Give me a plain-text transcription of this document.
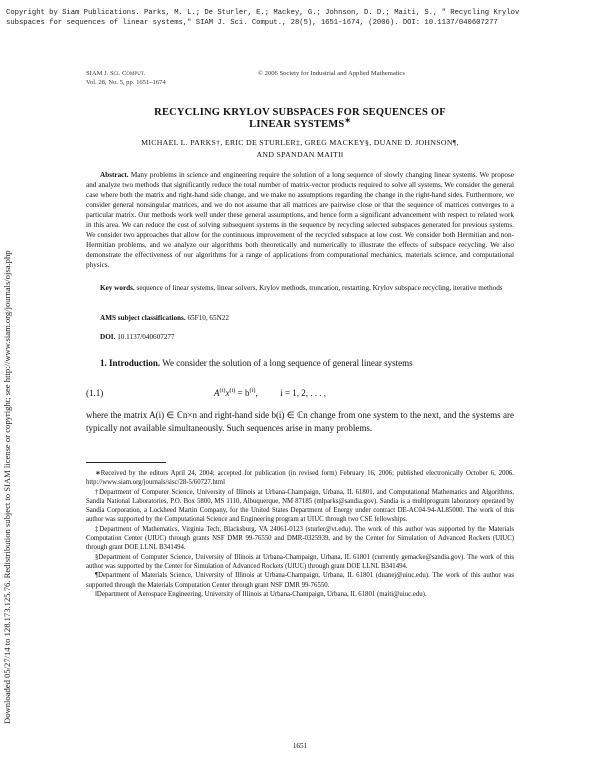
Copyright by Siam Publications. Parks, M. L.; De Sturler, E.; Mackey, G.; Johnson, D. D.; Maiti, S., " Recycling Krylov
subspaces for sequences of linear systems," SIAM J. Sci. Comput., 28(5), 1651-1674, (2006). DOI: 10.1137/040607277
Downloaded 05/27/14 to 128.173.125.76. Redistribution subject to SIAM license or copyright; see http://www.siam.org/journals/ojsa.php
SIAM J. Sci. Comput.
Vol. 28, No. 5, pp. 1651–1674
© 2006 Society for Industrial and Applied Mathematics
RECYCLING KRYLOV SUBSPACES FOR SEQUENCES OF
LINEAR SYSTEMS∗
MICHAEL L. PARKS†, ERIC DE STURLER‡, GREG MACKEY§, DUANE D. JOHNSON¶,
AND SPANDAN MAITI‖
Abstract. Many problems in science and engineering require the solution of a long sequence of slowly changing linear systems. We propose and analyze two methods that significantly reduce the total number of matrix-vector products required to solve all systems. We consider the general case where both the matrix and right-hand side change, and we make no assumptions regarding the change in the right-hand sides. Furthermore, we consider general nonsingular matrices, and we do not assume that all matrices are pairwise close or that the sequence of matrices converges to a particular matrix. Our methods work well under these general assumptions, and hence form a significant advancement with respect to related work in this area. We can reduce the cost of solving subsequent systems in the sequence by recycling selected subspaces generated for previous systems. We consider two approaches that allow for the continuous improvement of the recycled subspace at low cost. We consider both Hermitian and non-Hermitian problems, and we analyze our algorithms both theoretically and numerically to illustrate the effects of subspace recycling. We also demonstrate the effectiveness of our algorithms for a range of applications from computational mechanics, materials science, and computational physics.
Key words. sequence of linear systems, linear solvers, Krylov methods, truncation, restarting, Krylov subspace recycling, iterative methods
AMS subject classifications. 65F10, 65N22
DOI. 10.1137/040607277
1. Introduction. We consider the solution of a long sequence of general linear systems
(1.1)	$A^{(i)}x^{(i)} = b^{(i)}$,  i = 1, 2, . . . ,
where the matrix A(i) ∈ ℂn×n and right-hand side b(i) ∈ ℂn change from one system to the next, and the systems are typically not available simultaneously. Such sequences arise in many problems.
∗Received by the editors April 24, 2004; accepted for publication (in revised form) February 16, 2006; published electronically October 6, 2006. http://www.siam.org/journals/sisc/28-5/60727.html
†Department of Computer Science, University of Illinois at Urbana-Champaign, Urbana, IL 61801, and Computational Mathematics and Algorithms, Sandia National Laboratories, P.O. Box 5800, MS 1110, Albuquerque, NM 87185 (mlparks@sandia.gov). Sandia is a multiprogram laboratory operated by Sandia Corporation, a Lockheed Martin Company, for the United States Department of Energy under contract DE-AC04-94-AL85000. The work of this author was supported by the Computational Science and Engineering program at UIUC through two CSE fellowships.
‡Department of Mathematics, Virginia Tech, Blacksburg, VA 24061-0123 (sturler@vt.edu). The work of this author was supported by the Materials Computation Center (UIUC) through grants NSF DMR 99-76550 and DMR-0325939, and by the Center for Simulation of Advanced Rockets (UIUC) through grant DOE LLNL B341494.
§Department of Computer Science, University of Illinois at Urbana-Champaign, Urbana, IL 61801 (currently gemacke@sandia.gov). The work of this author was supported by the Center for Simulation of Advanced Rockets (UIUC) through grant DOE LLNL B341494.
¶Department of Materials Science, University of Illinois at Urbana-Champaign, Urbana, IL 61801 (duanej@uiuc.edu). The work of this author was supported through the Materials Computation Center through grant NSF DMR 99-76550.
‖Department of Aerospace Engineering, University of Illinois at Urbana-Champaign, Urbana, IL 61801 (maiti@uiuc.edu).
1651
